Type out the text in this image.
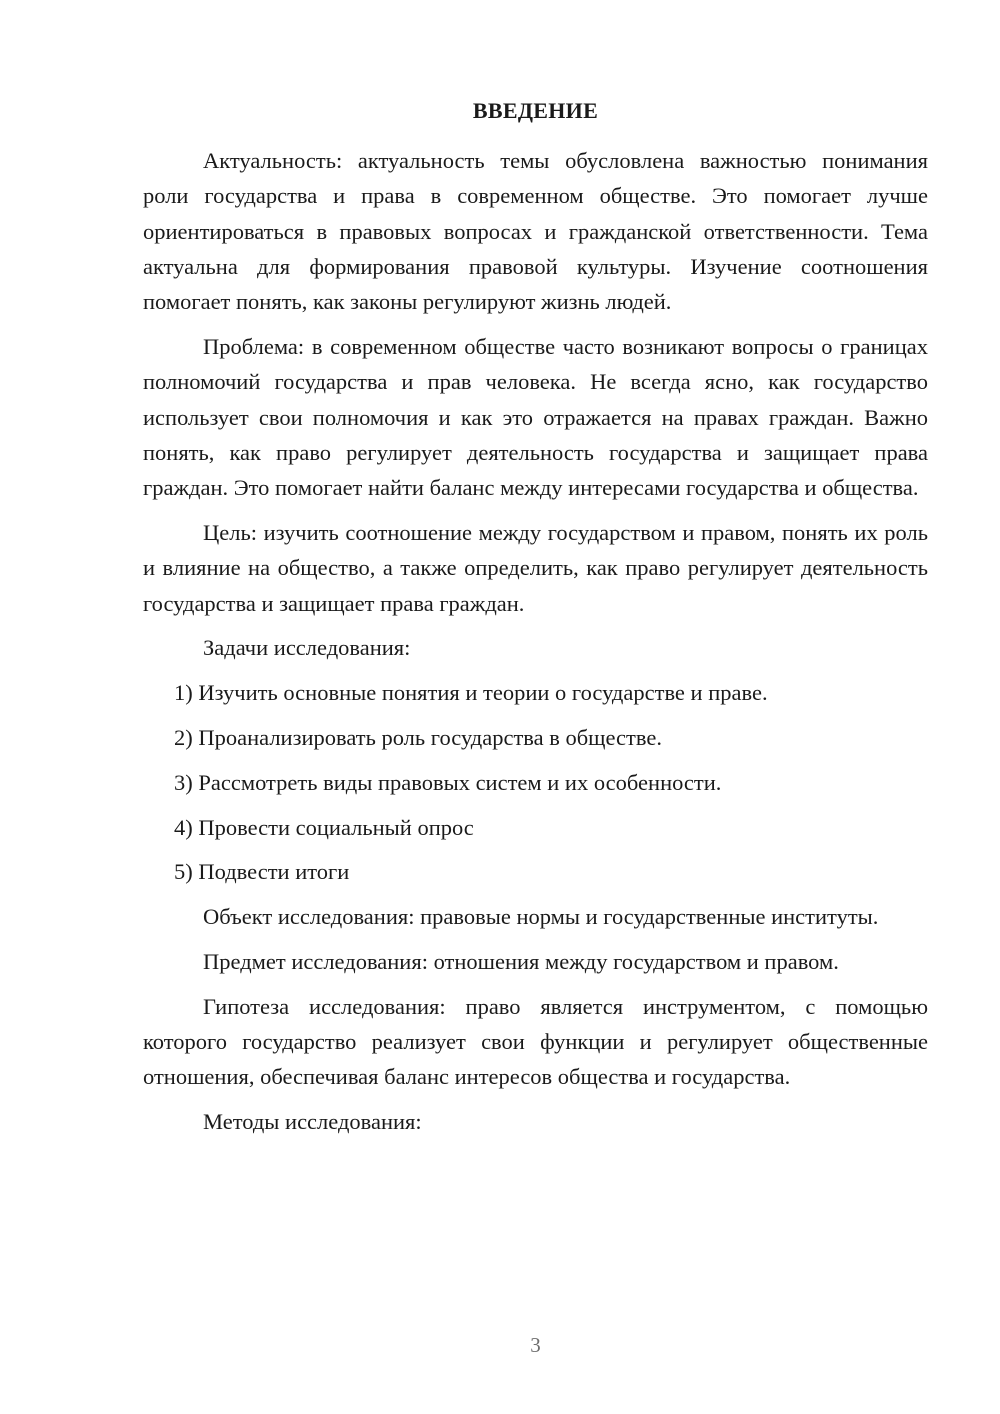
ВВЕДЕНИЕ

Актуальность: актуальность темы обусловлена важностью понимания роли государства и права в современном обществе. Это помогает лучше ориентироваться в правовых вопросах и гражданской ответственности. Тема актуальна для формирования правовой культуры. Изучение соотношения помогает понять, как законы регулируют жизнь людей.

Проблема: в современном обществе часто возникают вопросы о границах полномочий государства и прав человека. Не всегда ясно, как государство использует свои полномочия и как это отражается на правах граждан. Важно понять, как право регулирует деятельность государства и защищает права граждан. Это помогает найти баланс между интересами государства и общества.

Цель: изучить соотношение между государством и правом, понять их роль и влияние на общество, а также определить, как право регулирует деятельность государства и защищает права граждан.

Задачи исследования:

1) Изучить основные понятия и теории о государстве и праве.
2) Проанализировать роль государства в обществе.
3) Рассмотреть виды правовых систем и их особенности.
4) Провести социальный опрос
5) Подвести итоги

Объект исследования: правовые нормы и государственные институты.

Предмет исследования: отношения между государством и правом.

Гипотеза исследования: право является инструментом, с помощью которого государство реализует свои функции и регулирует общественные отношения, обеспечивая баланс интересов общества и государства.

Методы исследования:

3
